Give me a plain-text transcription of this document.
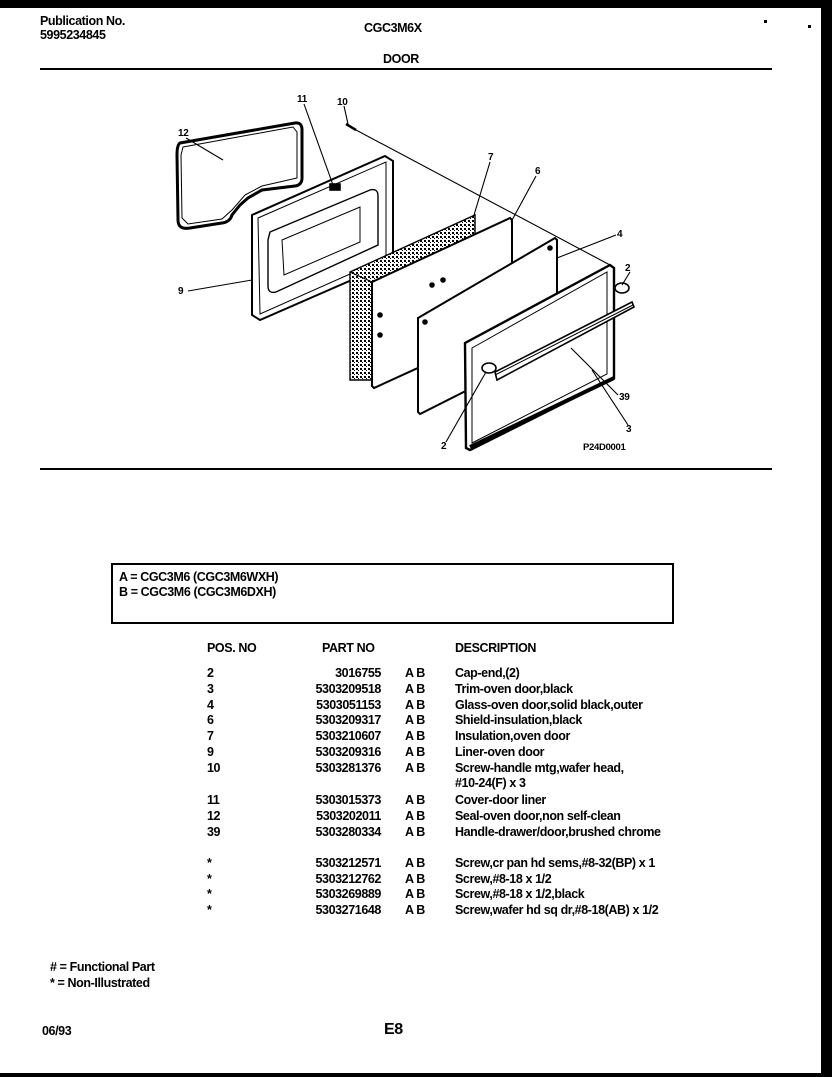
Publication No.
5995234845	CGC3M6X
DOOR
12
11	10
7
6
4
2
9
39
3
2	P24D0001
A = CGC3M6 (CGC3M6WXH)
B = CGC3M6 (CGC3M6DXH)
POS. NO	PART NO	DESCRIPTION
2	3016755 A B Cap-end,(2)
3	5303209518 A B Trim-oven door,black
4	5303051153 A B Glass-oven door,solid black,outer
6	5303209317 A B Shield-insulation,black
7	5303210607 A B Insulation,oven door
9	5303209316 A B Liner-oven door
10	5303281376 A B Screw-handle mtg,wafer head,
#10-24(F) x 3
11	5303015373 A B Cover-door liner
12	5303202011 A B Seal-oven door,non self-clean
39	5303280334 A B Handle-drawer/door,brushed chrome
*	5303212571 A B Screw,cr pan hd sems,#8-32(BP) x 1
*	5303212762 A B Screw,#8-18 x 1/2
*	5303269889 A B Screw,#8-18 x 1/2,black
*	5303271648 A B Screw,wafer hd sq dr,#8-18(AB) x 1/2
# = Functional Part
* = Non-Illustrated
06/93	E8
